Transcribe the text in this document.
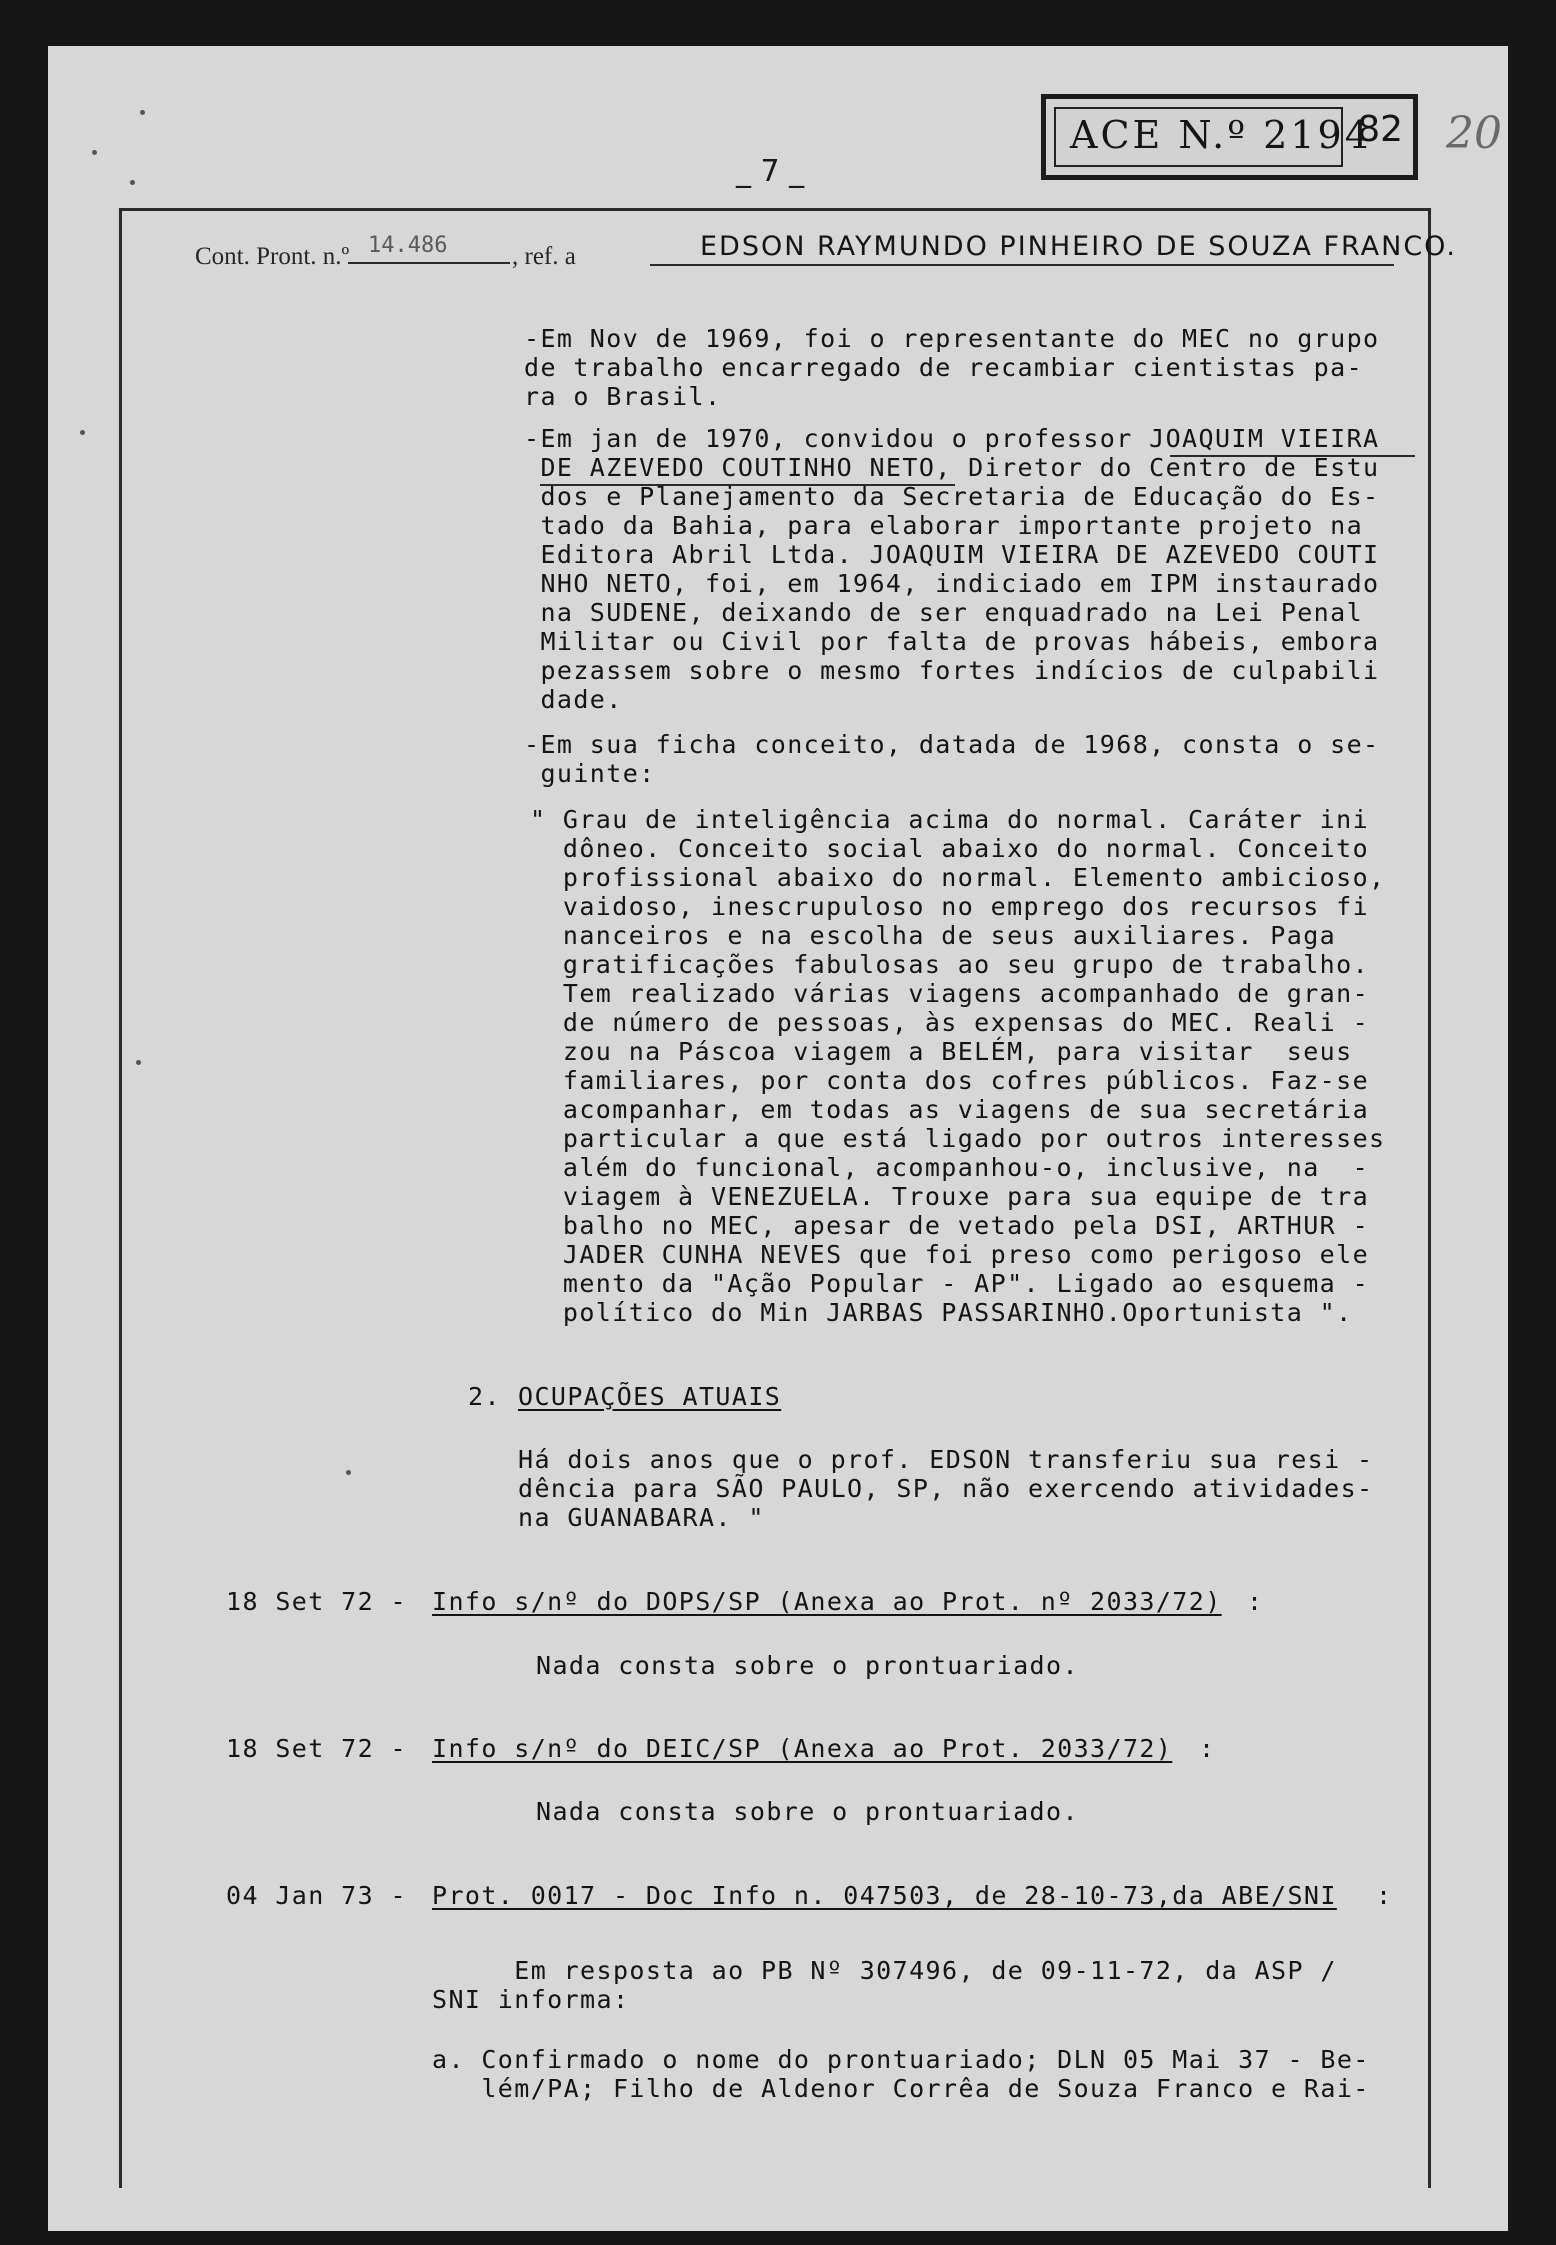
ACE N.º 2194
82 20
_ 7 _
Cont. Pront. n.º 14.486	, ref. a	EDSON RAYMUNDO PINHEIRO DE SOUZA FRANCO.
-Em Nov de 1969, foi o representante do MEC no grupo
de trabalho encarregado de recambiar cientistas pa-
ra o Brasil.
-Em jan de 1970, convidou o professor JOAQUIM VIEIRA
DE AZEVEDO COUTINHO NETO, Diretor do Centro de Estu
dos e Planejamento da Secretaria de Educação do Es-
tado da Bahia, para elaborar importante projeto na
Editora Abril Ltda. JOAQUIM VIEIRA DE AZEVEDO COUTI
NHO NETO, foi, em 1964, indiciado em IPM instaurado
na SUDENE, deixando de ser enquadrado na Lei Penal
Militar ou Civil por falta de provas hábeis, embora
pezassem sobre o mesmo fortes indícios de culpabili
dade.
-Em sua ficha conceito, datada de 1968, consta o se-
guinte:
" Grau de inteligência acima do normal. Caráter ini
dôneo. Conceito social abaixo do normal. Conceito
profissional abaixo do normal. Elemento ambicioso,
vaidoso, inescrupuloso no emprego dos recursos fi
nanceiros e na escolha de seus auxiliares. Paga
gratificações fabulosas ao seu grupo de trabalho.
Tem realizado várias viagens acompanhado de gran-
de número de pessoas, às expensas do MEC. Reali -
zou na Páscoa viagem a BELÉM, para visitar  seus
familiares, por conta dos cofres públicos. Faz-se
acompanhar, em todas as viagens de sua secretária
particular a que está ligado por outros interesses
além do funcional, acompanhou-o, inclusive, na  -
viagem à VENEZUELA. Trouxe para sua equipe de tra
balho no MEC, apesar de vetado pela DSI, ARTHUR -
JADER CUNHA NEVES que foi preso como perigoso ele
mento da "Ação Popular - AP". Ligado ao esquema -
político do Min JARBAS PASSARINHO.Oportunista ".
2. OCUPAÇÕES ATUAIS
Há dois anos que o prof. EDSON transferiu sua resi -
dência para SÃO PAULO, SP, não exercendo atividades-
na GUANABARA. "
18 Set 72 - Info s/nº do DOPS/SP (Anexa ao Prot. nº 2033/72) :
Nada consta sobre o prontuariado.
18 Set 72 - Info s/nº do DEIC/SP (Anexa ao Prot. 2033/72) :
Nada consta sobre o prontuariado.
04 Jan 73 - Prot. 0017 - Doc Info n. 047503, de 28-10-73,da ABE/SNI :
Em resposta ao PB Nº 307496, de 09-11-72, da ASP /
SNI informa:
a. Confirmado o nome do prontuariado; DLN 05 Mai 37 - Be-
lém/PA; Filho de Aldenor Corrêa de Souza Franco e Rai-
